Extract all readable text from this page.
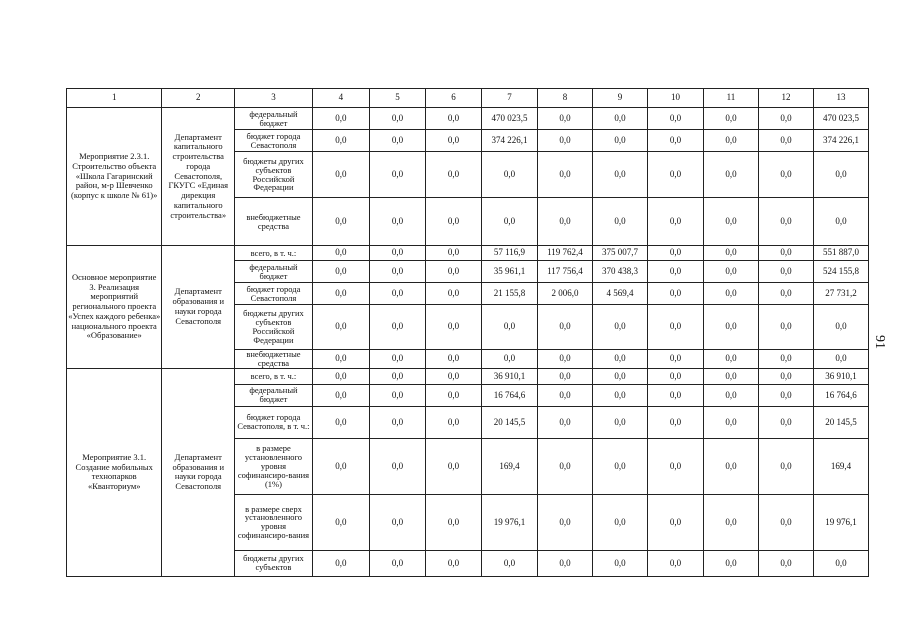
1	2	3	4	5	6	7	8	9	10	11	12	13
Мероприятие 2.3.1. Строительство объекта «Школа Гагаринский район, м-р Шевченко (корпус к школе № 61)»	Департамент капитального строительства города Севастополя, ГКУГС «Единая дирекция капитального строительства»	федеральный бюджет	0,0	0,0	0,0	470 023,5	0,0	0,0	0,0	0,0	0,0	470 023,5
		бюджет города Севастополя	0,0	0,0	0,0	374 226,1	0,0	0,0	0,0	0,0	0,0	374 226,1
		бюджеты других субъектов Российской Федерации	0,0	0,0	0,0	0,0	0,0	0,0	0,0	0,0	0,0	0,0
		внебюджетные средства	0,0	0,0	0,0	0,0	0,0	0,0	0,0	0,0	0,0	0,0
Основное мероприятие 3. Реализация мероприятий регионального проекта «Успех каждого ребенка» национального проекта «Образование»	Департамент образования и науки города Севастополя	всего, в т. ч.:	0,0	0,0	0,0	57 116,9	119 762,4	375 007,7	0,0	0,0	0,0	551 887,0
		федеральный бюджет	0,0	0,0	0,0	35 961,1	117 756,4	370 438,3	0,0	0,0	0,0	524 155,8
		бюджет города Севастополя	0,0	0,0	0,0	21 155,8	2 006,0	4 569,4	0,0	0,0	0,0	27 731,2
		бюджеты других субъектов Российской Федерации	0,0	0,0	0,0	0,0	0,0	0,0	0,0	0,0	0,0	0,0
		внебюджетные средства	0,0	0,0	0,0	0,0	0,0	0,0	0,0	0,0	0,0	0,0
Мероприятие 3.1. Создание мобильных технопарков «Кванториум»	Департамент образования и науки города Севастополя	всего, в т. ч.:	0,0	0,0	0,0	36 910,1	0,0	0,0	0,0	0,0	0,0	36 910,1
		федеральный бюджет	0,0	0,0	0,0	16 764,6	0,0	0,0	0,0	0,0	0,0	16 764,6
		бюджет города Севастополя, в т. ч.:	0,0	0,0	0,0	20 145,5	0,0	0,0	0,0	0,0	0,0	20 145,5
		в размере установленного уровня софинансиро-вания (1%)	0,0	0,0	0,0	169,4	0,0	0,0	0,0	0,0	0,0	169,4
		в размере сверх установленного уровня софинансиро-вания	0,0	0,0	0,0	19 976,1	0,0	0,0	0,0	0,0	0,0	19 976,1
		бюджеты других субъектов	0,0	0,0	0,0	0,0	0,0	0,0	0,0	0,0	0,0	0,0
91
